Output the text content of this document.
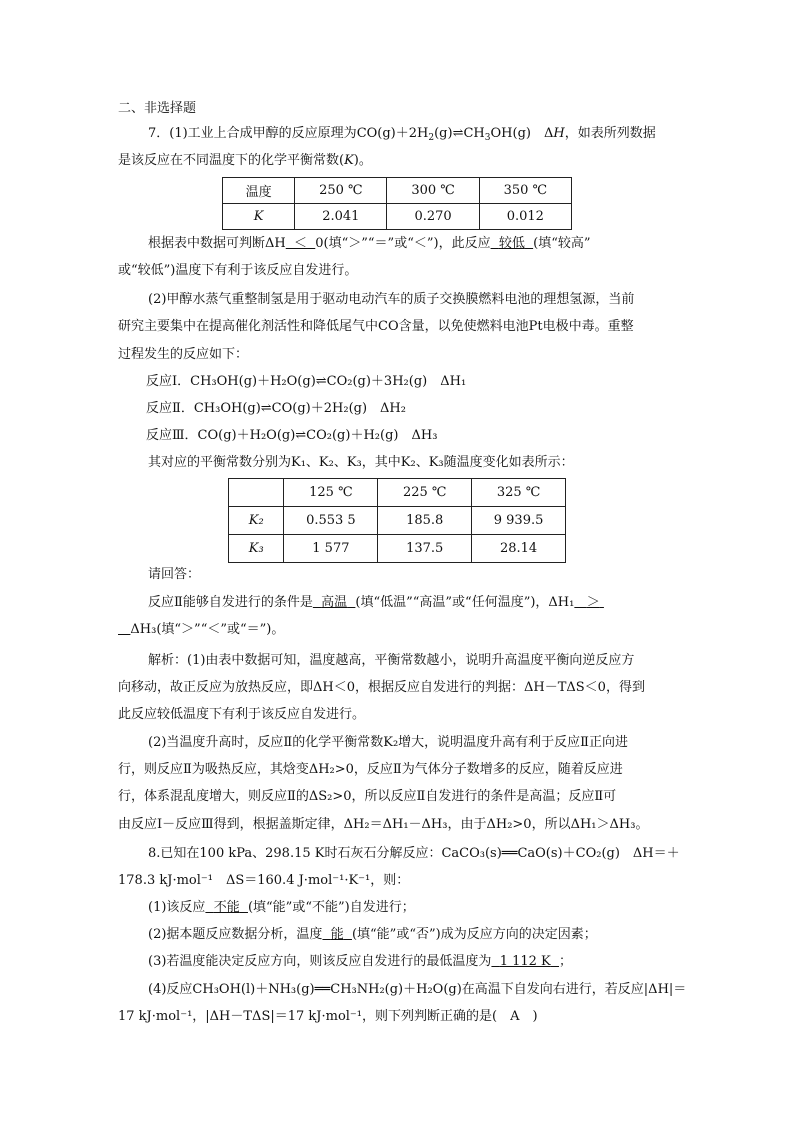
二、非选择题
7．(1)工业上合成甲醇的反应原理为$CO(g)+2H_2(g)\rightleftharpoons CH_3OH(g)$　 ΔH，如表所列数据
是该反应在不同温度下的化学平衡常数(K)。
温度	250 ℃	300 ℃	350 ℃
K	2.041	0.270	0.012
根据表中数据可判断ΔH ＜ 0(填“＞”“＝”或“＜”)，此反应 较低 (填“较高”
或“较低”)温度下有利于该反应自发进行。
(2)甲醇水蒸气重整制氢是用于驱动电动汽车的质子交换膜燃料电池的理想氢源，当前
研究主要集中在提高催化剂活性和降低尾气中CO含量，以免使燃料电池Pt电极中毒。重整
过程发生的反应如下：
反应Ⅰ．CH₃OH(g)＋H₂O(g)⇌CO₂(g)＋3H₂(g)　ΔH₁
反应Ⅱ．CH₃OH(g)⇌CO(g)＋2H₂(g)　ΔH₂
反应Ⅲ．CO(g)＋H₂O(g)⇌CO₂(g)＋H₂(g)　ΔH₃
其对应的平衡常数分别为K₁、K₂、K₃，其中K₂、K₃随温度变化如表所示：
	125 ℃	225 ℃	325 ℃
K₂	0.553 5	185.8	9 939.5
K₃	1 577	137.5	28.14
请回答：
反应Ⅱ能够自发进行的条件是 高温 (填“低温”“高温”或“任何温度”)，ΔH₁ ＞
ΔH₃(填“＞”“＜”或“＝”)。
解析：(1)由表中数据可知，温度越高，平衡常数越小，说明升高温度平衡向逆反应方
向移动，故正反应为放热反应，即ΔH＜0，根据反应自发进行的判据：ΔH－TΔS＜0，得到
此反应较低温度下有利于该反应自发进行。
(2)当温度升高时，反应Ⅱ的化学平衡常数K₂增大，说明温度升高有利于反应Ⅱ正向进
行，则反应Ⅱ为吸热反应，其焓变ΔH₂>0，反应Ⅱ为气体分子数增多的反应，随着反应进
行，体系混乱度增大，则反应Ⅱ的ΔS₂>0，所以反应Ⅱ自发进行的条件是高温；反应Ⅱ可
由反应Ⅰ－反应Ⅲ得到，根据盖斯定律，ΔH₂＝ΔH₁－ΔH₃，由于ΔH₂>0，所以ΔH₁＞ΔH₃。
8.已知在100 kPa、298.15 K时石灰石分解反应：CaCO₃(s)══CaO(s)＋CO₂(g)　ΔH＝＋
178.3 kJ·mol⁻¹　ΔS＝160.4 J·mol⁻¹·K⁻¹，则：
(1)该反应 不能 (填“能”或“不能”)自发进行；
(2)据本题反应数据分析，温度 能 (填“能”或“否”)成为反应方向的决定因素；
(3)若温度能决定反应方向，则该反应自发进行的最低温度为 1 112 K ；
(4)反应CH₃OH(l)＋NH₃(g)══CH₃NH₂(g)＋H₂O(g)在高温下自发向右进行，若反应|ΔH|＝
17 kJ·mol⁻¹，|ΔH－TΔS|＝17 kJ·mol⁻¹，则下列判断正确的是(　A　)
